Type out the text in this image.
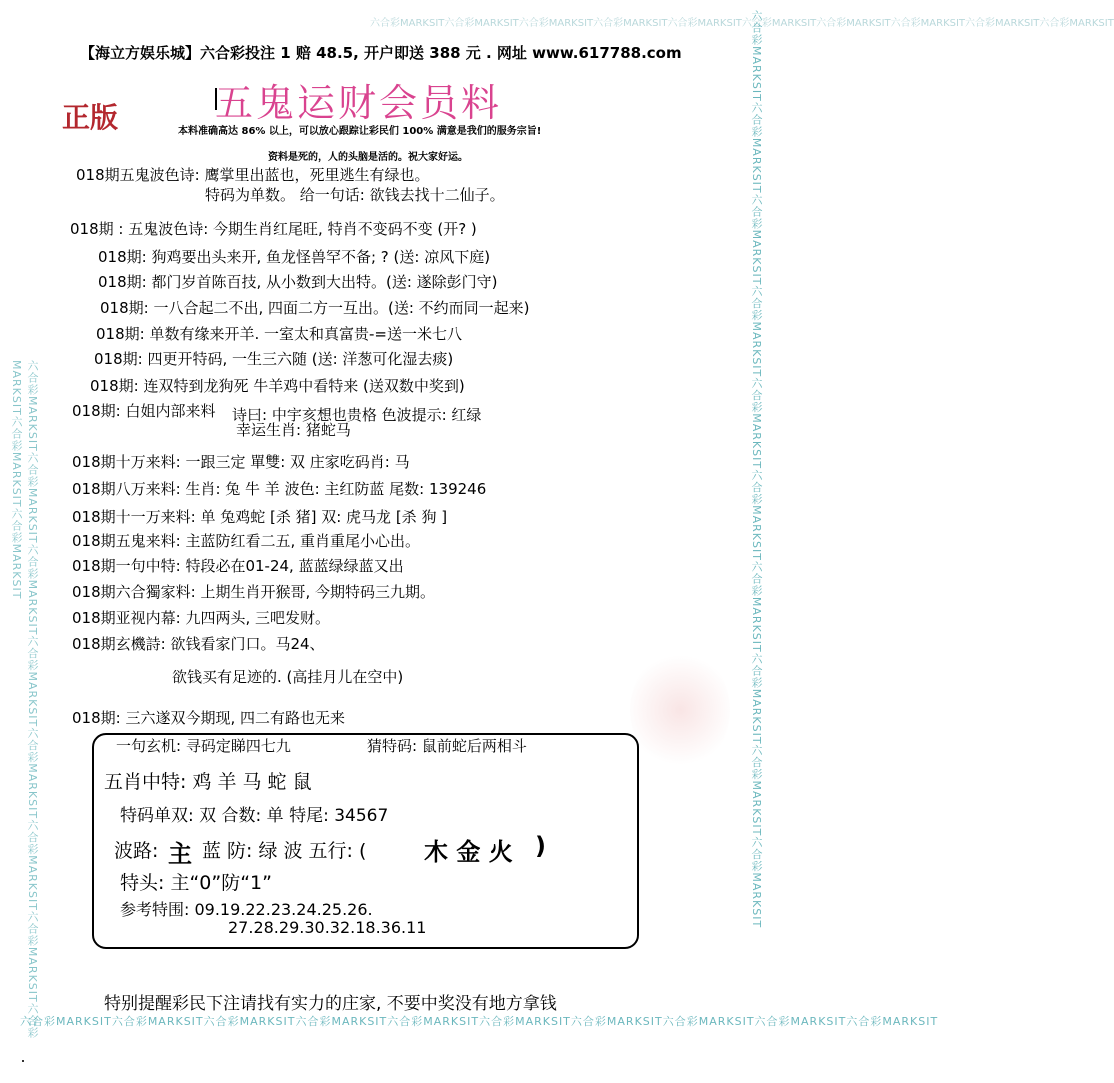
六合彩MARKSIT六合彩MARKSIT六合彩MARKSIT六合彩MARKSIT六合彩MARKSIT六合彩MARKSIT六合彩MARKSIT六合彩MARKSIT六合彩MARKSIT六合彩MARKSIT
六合彩MARKSIT六合彩MARKSIT六合彩MARKSIT六合彩MARKSIT六合彩MARKSIT六合彩MARKSIT六合彩MARKSIT六合彩MARKSIT六合彩MARKSIT六合彩MARKSIT
六合彩MARKSIT六合彩MARKSIT六合彩MARKSIT六合彩MARKSIT六合彩MARKSIT六合彩MARKSIT六合彩MARKSIT六合彩MARKSIT六合彩MARKSIT六合彩MARKSIT
六合彩MARKSIT六合彩MARKSIT六合彩MARKSIT六合彩MARKSIT六合彩MARKSIT六合彩MARKSIT六合彩MARKSIT六合彩MARKSIT六合彩MARKSIT六合彩MARKSIT
【海立方娱乐城】六合彩投注 1 赔 48.5, 开户即送 388 元 . 网址 www.617788.com
五鬼运财会员料
正版	本料准确高达 86% 以上，可以放心跟踪让彩民们 100% 满意是我们的服务宗旨!
资料是死的，人的头脑是活的。祝大家好运。
018期五鬼波色诗: 鹰掌里出蓝也，死里逃生有绿也。
特码为单数。 给一句话: 欲钱去找十二仙子。
018期 : 五鬼波色诗: 今期生肖红尾旺, 特肖不变码不变 (开? )
018期: 狗鸡要出头来开, 鱼龙怪兽罕不备; ? (送: 凉风下庭)
018期: 都门岁首陈百技, 从小数到大出特。(送: 遂除彭门守)
018期: 一八合起二不出, 四面二方一互出。(送: 不约而同一起来)
018期: 单数有缘来开羊. 一室太和真富贵-=送一米七八
018期: 四更开特码, 一生三六随 (送: 洋葱可化湿去痰)
018期: 连双特到龙狗死 牛羊鸡中看特来 (送双数中奖到)
018期: 白姐内部来料 诗曰: 中宇亥想也贵格 色波提示: 红绿
幸运生肖: 猪蛇马
018期十万来料: 一跟三定 單雙: 双 庄家吃码肖: 马
018期八万来料: 生肖: 兔 牛 羊 波色: 主红防蓝 尾数: 139246
018期十一万来料: 单 兔鸡蛇 [杀 猪] 双: 虎马龙 [杀 狗 ]
018期五鬼来料: 主蓝防红看二五, 重肖重尾小心出。
018期一句中特: 特段必在01-24, 蓝蓝绿绿蓝又出
018期六合獨家料: 上期生肖开猴哥, 今期特码三九期。
018期亚视内幕: 九四两头, 三吧发财。
018期玄機詩: 欲钱看家门口。马24、
欲钱买有足迹的. (高挂月儿在空中)
018期: 三六遂双今期现, 四二有路也无来
一句玄机: 寻码定睇四七九	猜特码: 鼠前蛇后两相斗
五肖中特: 鸡 羊 马 蛇 鼠
特码单双: 双 合数: 单 特尾: 34567
波路: 主 蓝 防: 绿 波 五行: ( 木 金 火 )
特头: 主“0”防“1”
参考特围: 09.19.22.23.24.25.26.
27.28.29.30.32.18.36.11
特别提醒彩民下注请找有实力的庄家, 不要中奖没有地方拿钱
